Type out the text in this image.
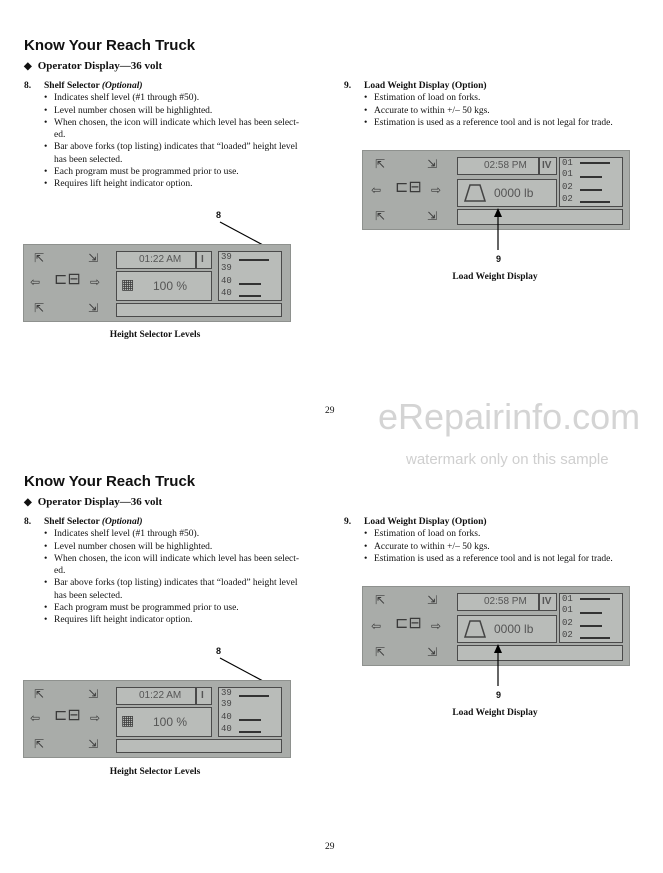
Know Your Reach Truck
◆ Operator Display—36 volt
8. Shelf Selector (Optional)
• Indicates shelf level (#1 through #50).
• Level number chosen will be highlighted.
• When chosen, the icon will indicate which level has been select-
ed.
• Bar above forks (top listing) indicates that “loaded” height level
has been selected.
• Each program must be programmed prior to use.
• Requires lift height indicator option.
9. Load Weight Display (Option)
• Estimation of load on forks.
• Accurate to within +/– 50 kgs.
• Estimation is used as a reference tool and is not legal for trade.
8
⇱	⇲
⇦ ⊏⊟ ⇨
⇱	⇲
01:22 AM I
▦ 100 %
39
39
40
40
Height Selector Levels
⇱	⇲
⇦ ⊏⊟ ⇨
⇱	⇲
02:58 PM IV
0000 lb
01
01
02
02
9
Load Weight Display
29 eRepairinfo.com
watermark only on this sample
Know Your Reach Truck
◆ Operator Display—36 volt
8. Shelf Selector (Optional)
• Indicates shelf level (#1 through #50).
• Level number chosen will be highlighted.
• When chosen, the icon will indicate which level has been select-
ed.
• Bar above forks (top listing) indicates that “loaded” height level
has been selected.
• Each program must be programmed prior to use.
• Requires lift height indicator option.
9. Load Weight Display (Option)
• Estimation of load on forks.
• Accurate to within +/– 50 kgs.
• Estimation is used as a reference tool and is not legal for trade.
⇱	⇲
⇦ ⊏⊟ ⇨
⇱	⇲
02:58 PM IV
0000 lb
01
01
02
02
9
Load Weight Display
8
⇱	⇲
⇦ ⊏⊟ ⇨
⇱	⇲
01:22 AM I
▦ 100 %
39
39
40
40
Height Selector Levels
29
